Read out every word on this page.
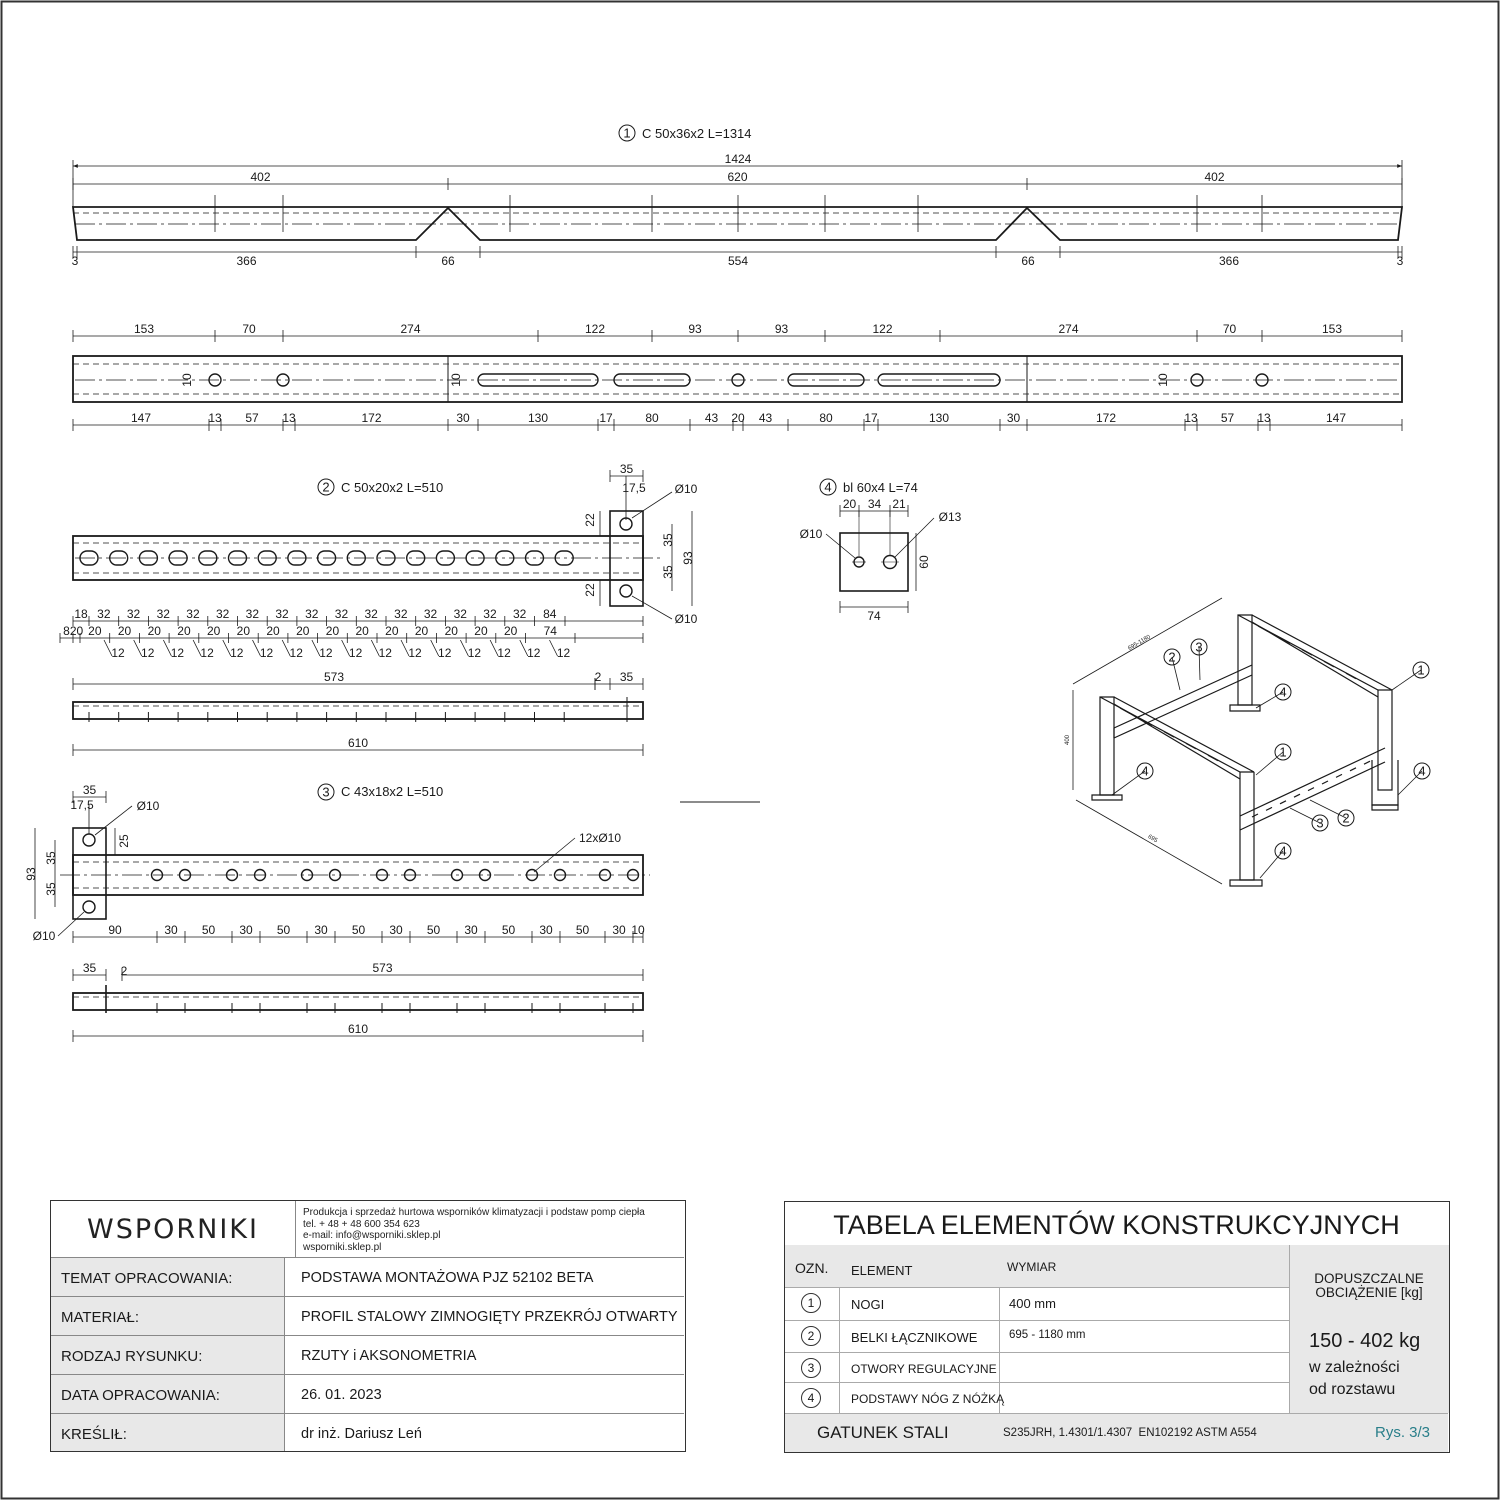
1 C 50x36x2 L=1314
1424
402	620	402
3	366	66	554	66	366	3
153	70	274	122	93	93	122	274	70	153
10	10	10
147	13 57 13	172	30	130	17	80	43 20 43	80	17	130	30	172	13 57 13	147
2 C 50x20x2 L=510
35
17,5 Ø10
Ø10
22
22
35
35
93
18 32 32 32 32 32 32 32 32 32 32 32 32 32 32 32 84
8 20 20 20 20 20 20 20 20 20 20 20 20 20 20 20 20 74
12 12 12 12 12 12 12 12 12 12 12 12 12 12 12 12
573	35
2
610
3 C 43x18x2 L=510
35
17,5	Ø10
Ø10
25
35
35
93
12xØ10
90	30 50 30 50 30 50 30 50 30 50 30 50 30 10
35 2	573
610
4 bl 60x4 L=74
20 34 21
Ø10
Ø13
60
74
695-1180
400
695
1
2
3
4
4
1
4
3 2
4
WSPORNIKI
Produkcja i sprzedaż hurtowa wsporników klimatyzacji i podstaw pomp ciepła
tel. + 48 + 48 600 354 623
e-mail: info@wsporniki.sklep.pl
wsporniki.sklep.pl
TEMAT OPRACOWANIA:	PODSTAWA MONTAŻOWA PJZ 52102 BETA
MATERIAŁ:	PROFIL STALOWY ZIMNOGIĘTY PRZEKRÓJ OTWARTY
RODZAJ RYSUNKU:	RZUTY i AKSONOMETRIA
DATA OPRACOWANIA:	26. 01. 2023
KREŚLIŁ:	dr inż. Dariusz Leń
TABELA ELEMENTÓW KONSTRUKCYJNYCH
OZN. ELEMENT	WYMIAR
DOPUSZCZALNE OBCIĄŻENIE [kg]
150 - 402 kg
w zależności
od rozstawu
1	NOGI	400 mm
2	BELKI ŁĄCZNIKOWE	695 - 1180 mm
3	OTWORY REGULACYJNE
4	PODSTAWY NÓG Z NÓŻKĄ
GATUNEK STALI	S235JRH, 1.4301/1.4307  EN102192 ASTM A554	Rys. 3/3
